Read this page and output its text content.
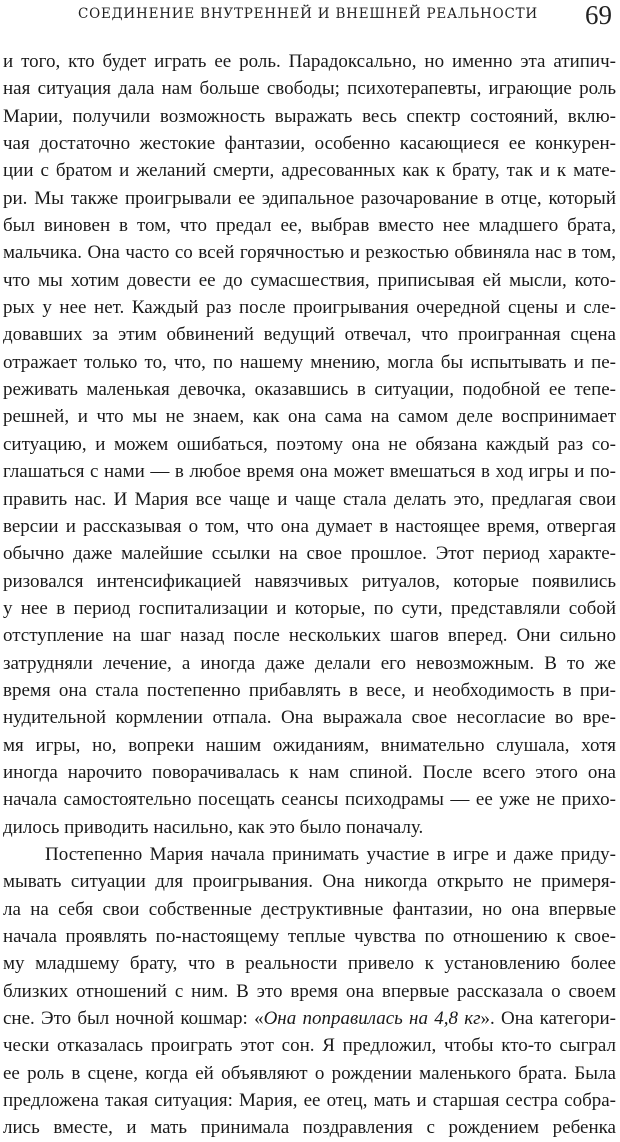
СОЕДИНЕНИЕ ВНУТРЕННЕЙ И ВНЕШНЕЙ РЕАЛЬНОСТИ 69
и того, кто будет играть ее роль. Парадоксально, но именно эта атипич-
ная ситуация дала нам больше свободы; психотерапевты, играющие роль
Марии, получили возможность выражать весь спектр состояний, вклю-
чая достаточно жестокие фантазии, особенно касающиеся ее конкурен-
ции с братом и желаний смерти, адресованных как к брату, так и к мате-
ри. Мы также проигрывали ее эдипальное разочарование в отце, который
был виновен в том, что предал ее, выбрав вместо нее младшего брата,
мальчика. Она часто со всей горячностью и резкостью обвиняла нас в том,
что мы хотим довести ее до сумасшествия, приписывая ей мысли, кото-
рых у нее нет. Каждый раз после проигрывания очередной сцены и сле-
довавших за этим обвинений ведущий отвечал, что проигранная сцена
отражает только то, что, по нашему мнению, могла бы испытывать и пе-
реживать маленькая девочка, оказавшись в ситуации, подобной ее тепе-
решней, и что мы не знаем, как она сама на самом деле воспринимает
ситуацию, и можем ошибаться, поэтому она не обязана каждый раз со-
глашаться с нами — в любое время она может вмешаться в ход игры и по-
править нас. И Мария все чаще и чаще стала делать это, предлагая свои
версии и рассказывая о том, что она думает в настоящее время, отвергая
обычно даже малейшие ссылки на свое прошлое. Этот период характе-
ризовался интенсификацией навязчивых ритуалов, которые появились
у нее в период госпитализации и которые, по сути, представляли собой
отступление на шаг назад после нескольких шагов вперед. Они сильно
затрудняли лечение, а иногда даже делали его невозможным. В то же
время она стала постепенно прибавлять в весе, и необходимость в при-
нудительной кормлении отпала. Она выражала свое несогласие во вре-
мя игры, но, вопреки нашим ожиданиям, внимательно слушала, хотя
иногда нарочито поворачивалась к нам спиной. После всего этого она
начала самостоятельно посещать сеансы психодрамы — ее уже не прихо-
дилось приводить насильно, как это было поначалу.
Постепенно Мария начала принимать участие в игре и даже приду-
мывать ситуации для проигрывания. Она никогда открыто не примеря-
ла на себя свои собственные деструктивные фантазии, но она впервые
начала проявлять по-настоящему теплые чувства по отношению к свое-
му младшему брату, что в реальности привело к установлению более
близких отношений с ним. В это время она впервые рассказала о своем
сне. Это был ночной кошмар: «Она поправилась на 4,8 кг». Она категори-
чески отказалась проиграть этот сон. Я предложил, чтобы кто-то сыграл
ее роль в сцене, когда ей объявляют о рождении маленького брата. Была
предложена такая ситуация: Мария, ее отец, мать и старшая сестра собра-
лись вместе, и мать принимала поздравления с рождением ребенка
